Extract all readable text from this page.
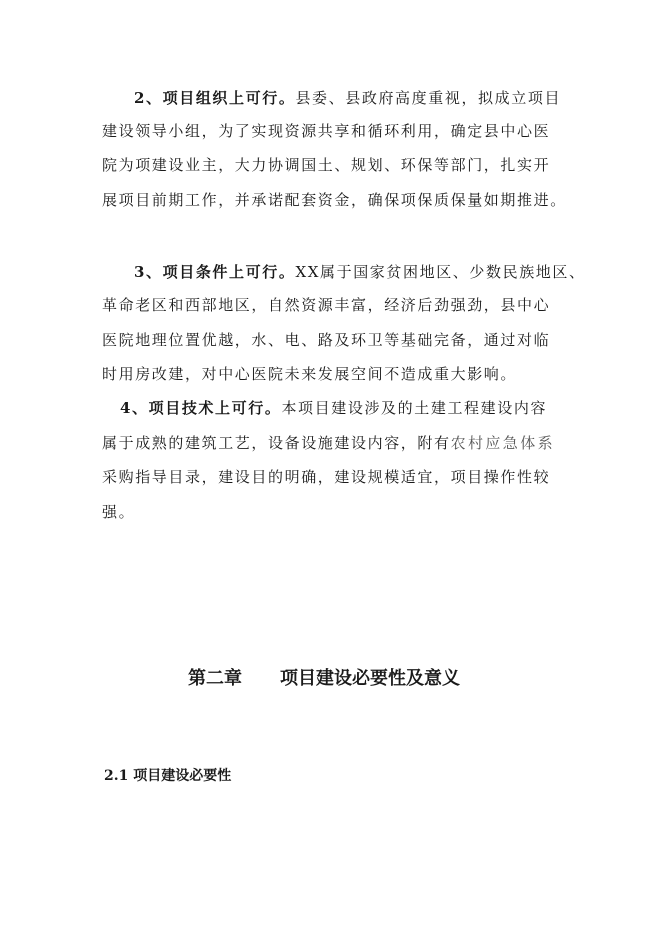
2、项目组织上可行。县委、县政府高度重视，拟成立项目
建设领导小组，为了实现资源共享和循环利用，确定县中心医
院为项建设业主，大力协调国土、规划、环保等部门，扎实开
展项目前期工作，并承诺配套资金，确保项保质保量如期推进。
3、项目条件上可行。XX属于国家贫困地区、少数民族地区、
革命老区和西部地区，自然资源丰富，经济后劲强劲，县中心
医院地理位置优越，水、电、路及环卫等基础完备，通过对临
时用房改建，对中心医院未来发展空间不造成重大影响。
4、项目技术上可行。本项目建设涉及的土建工程建设内容
属于成熟的建筑工艺，设备设施建设内容，附有农村应急体系
采购指导目录，建设目的明确，建设规模适宜，项目操作性较
强。
第二章 项目建设必要性及意义
2.1 项目建设必要性
